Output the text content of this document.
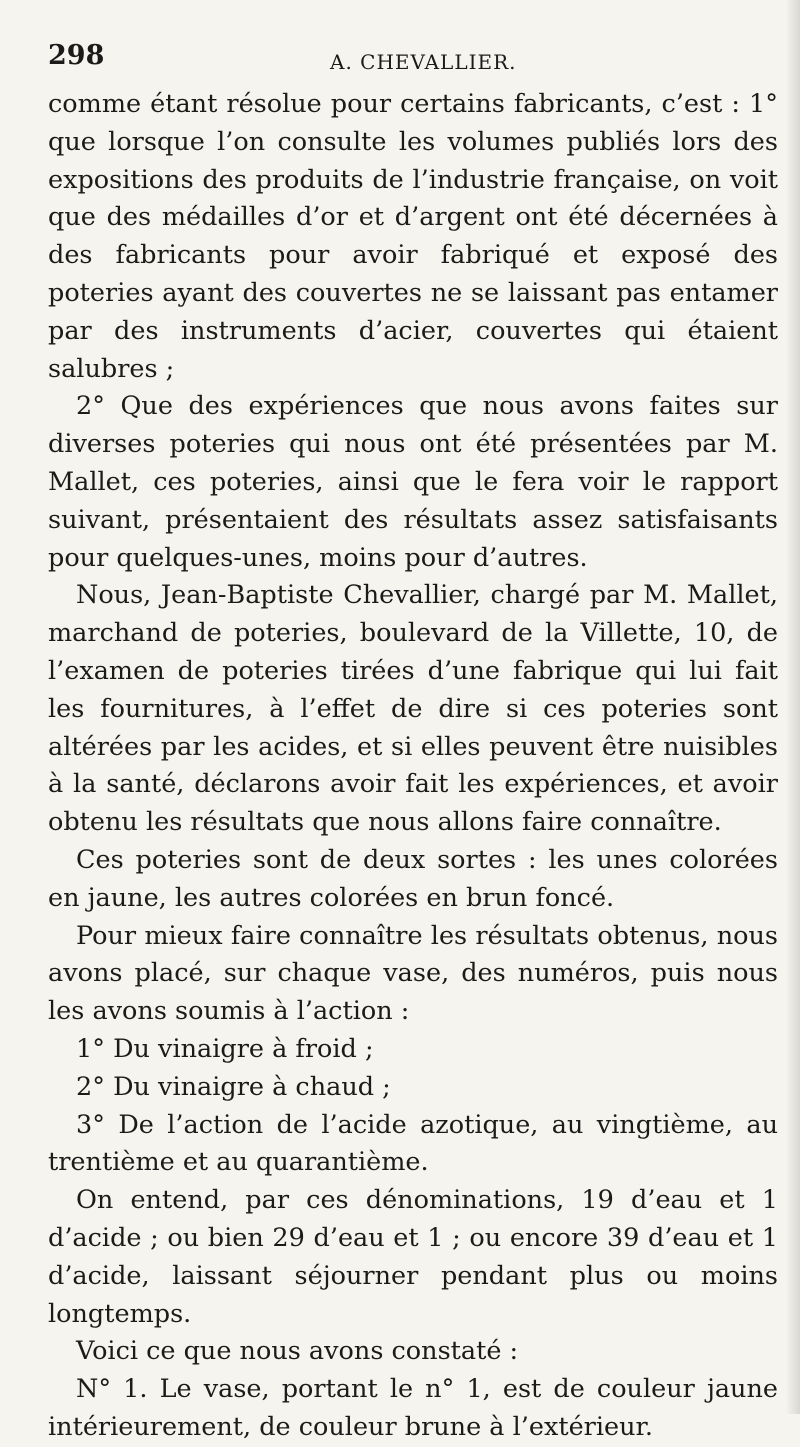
298	A. CHEVALLIER.

comme étant résolue pour certains fabricants, c’est : 1° que lorsque l’on consulte les volumes publiés lors des expositions des produits de l’industrie française, on voit que des médailles d’or et d’argent ont été décernées à des fabricants pour avoir fabriqué et exposé des poteries ayant des couvertes ne se laissant pas entamer par des instruments d’acier, couvertes qui étaient salubres ;

2° Que des expériences que nous avons faites sur diverses poteries qui nous ont été présentées par M. Mallet, ces poteries, ainsi que le fera voir le rapport suivant, présentaient des résultats assez satisfaisants pour quelques-unes, moins pour d’autres.

Nous, Jean-Baptiste Chevallier, chargé par M. Mallet, marchand de poteries, boulevard de la Villette, 10, de l’examen de poteries tirées d’une fabrique qui lui fait les fournitures, à l’effet de dire si ces poteries sont altérées par les acides, et si elles peuvent être nuisibles à la santé, déclarons avoir fait les expériences, et avoir obtenu les résultats que nous allons faire connaître.

Ces poteries sont de deux sortes : les unes colorées en jaune, les autres colorées en brun foncé.

Pour mieux faire connaître les résultats obtenus, nous avons placé, sur chaque vase, des numéros, puis nous les avons soumis à l’action :

1° Du vinaigre à froid ;

2° Du vinaigre à chaud ;

3° De l’action de l’acide azotique, au vingtième, au trentième et au quarantième.

On entend, par ces dénominations, 19 d’eau et 1 d’acide ; ou bien 29 d’eau et 1 ; ou encore 39 d’eau et 1 d’acide, laissant séjourner pendant plus ou moins longtemps.

Voici ce que nous avons constaté :

N° 1. Le vase, portant le n° 1, est de couleur jaune intérieurement, de couleur brune à l’extérieur.
